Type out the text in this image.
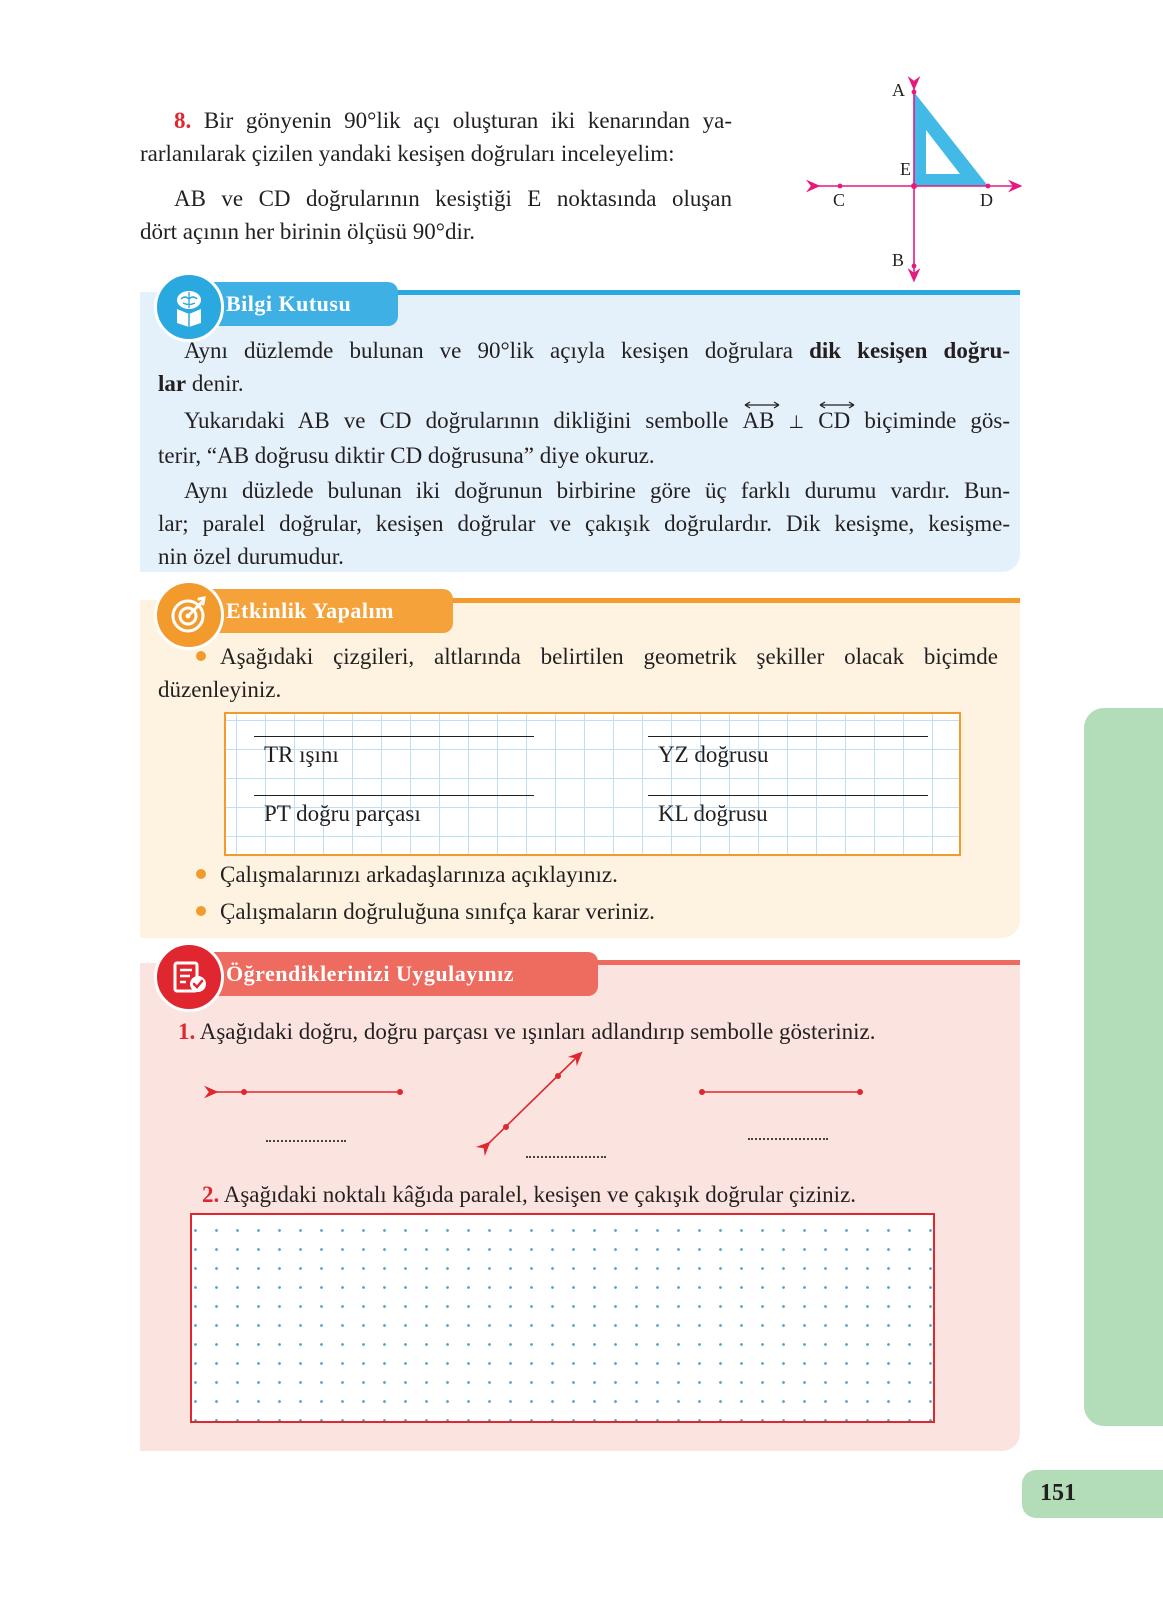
151
8. Bir gönyenin 90°lik açı oluşturan iki kenarından ya-
rarlanılarak çizilen yandaki kesişen doğruları inceleyelim:
AB ve CD doğrularının kesiştiği E noktasında oluşan
dört açının her birinin ölçüsü 90°dir.
A
E
C	D
B
Bilgi Kutusu
Aynı düzlemde bulunan ve 90°lik açıyla kesişen doğrulara dik kesişen doğru-
lar denir.
Yukarıdaki AB ve CD doğrularının dikliğini sembolle
AB ⊥ CD biçiminde gös-
terir, “AB doğrusu diktir CD doğrusuna” diye okuruz.
Aynı düzlede bulunan iki doğrunun birbirine göre üç farklı durumu vardır. Bun-
lar; paralel doğrular, kesişen doğrular ve çakışık doğrulardır. Dik kesişme, kesişme-
nin özel durumudur.
Etkinlik Yapalım
Aşağıdaki çizgileri, altlarında belirtilen geometrik şekiller olacak biçimde
düzenleyiniz.
TR ışını	YZ doğrusu
PT doğru parçası	KL doğrusu
Çalışmalarınızı arkadaşlarınıza açıklayınız.
Çalışmaların doğruluğuna sınıfça karar veriniz.
Öğrendiklerinizi Uygulayınız
1. Aşağıdaki doğru, doğru parçası ve ışınları adlandırıp sembolle gösteriniz.
2. Aşağıdaki noktalı kâğıda paralel, kesişen ve çakışık doğrular çiziniz.
